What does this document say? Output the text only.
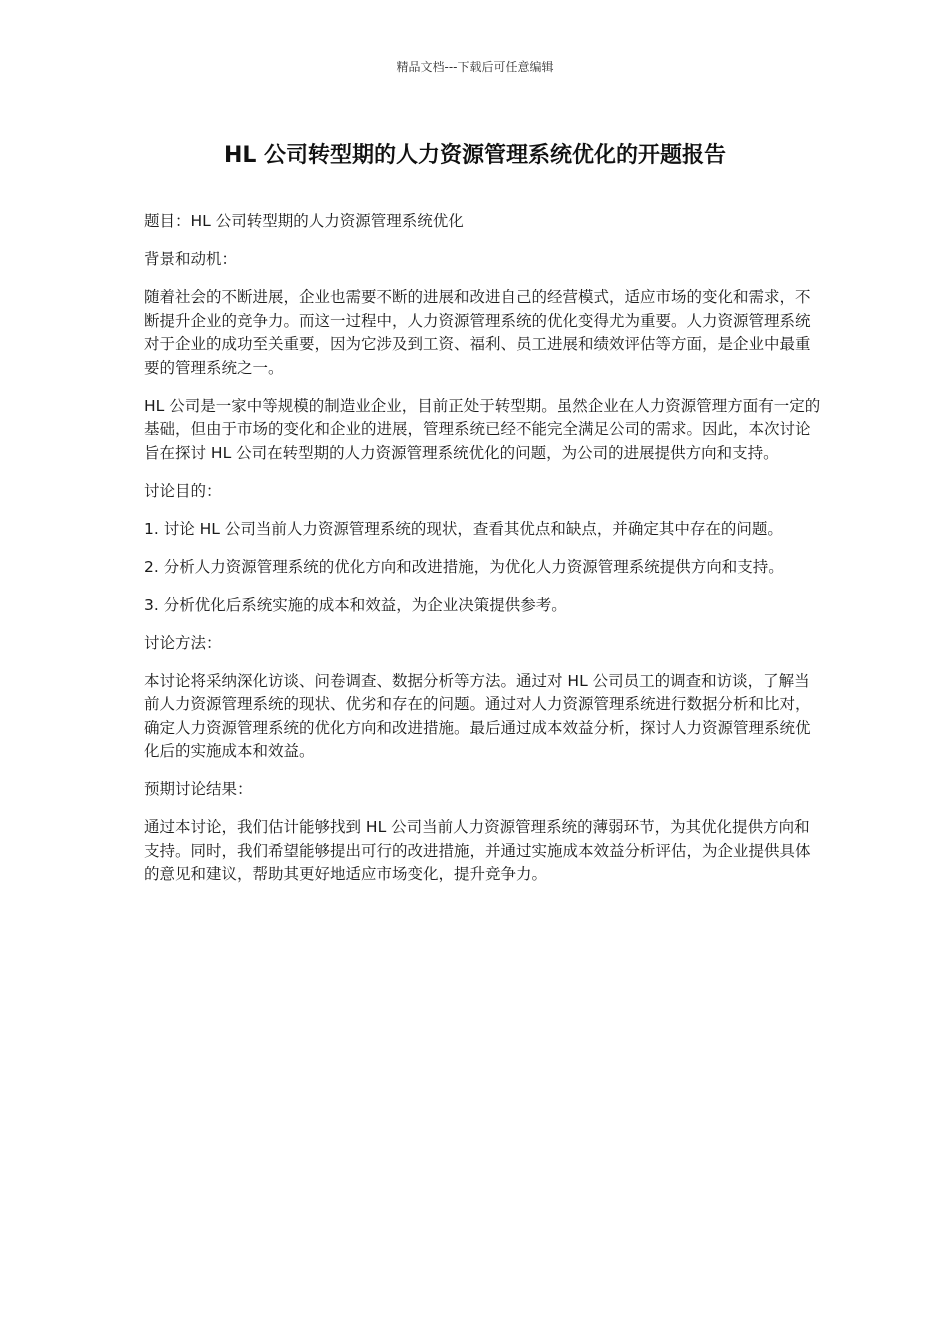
精品文档---下载后可任意编辑
HL 公司转型期的人力资源管理系统优化的开题报告

题目：HL 公司转型期的人力资源管理系统优化

背景和动机：

随着社会的不断进展，企业也需要不断的进展和改进自己的经营模式，适应市场的变化和需求，不断提升企业的竞争力。而这一过程中，人力资源管理系统的优化变得尤为重要。人力资源管理系统对于企业的成功至关重要，因为它涉及到工资、福利、员工进展和绩效评估等方面，是企业中最重要的管理系统之一。

HL 公司是一家中等规模的制造业企业，目前正处于转型期。虽然企业在人力资源管理方面有一定的基础，但由于市场的变化和企业的进展，管理系统已经不能完全满足公司的需求。因此，本次讨论旨在探讨 HL 公司在转型期的人力资源管理系统优化的问题，为公司的进展提供方向和支持。

讨论目的：

1. 讨论 HL 公司当前人力资源管理系统的现状，查看其优点和缺点，并确定其中存在的问题。

2. 分析人力资源管理系统的优化方向和改进措施，为优化人力资源管理系统提供方向和支持。

3. 分析优化后系统实施的成本和效益，为企业决策提供参考。

讨论方法：

本讨论将采纳深化访谈、问卷调查、数据分析等方法。通过对 HL 公司员工的调查和访谈，了解当前人力资源管理系统的现状、优劣和存在的问题。通过对人力资源管理系统进行数据分析和比对，确定人力资源管理系统的优化方向和改进措施。最后通过成本效益分析，探讨人力资源管理系统优化后的实施成本和效益。

预期讨论结果：

通过本讨论，我们估计能够找到 HL 公司当前人力资源管理系统的薄弱环节，为其优化提供方向和支持。同时，我们希望能够提出可行的改进措施，并通过实施成本效益分析评估，为企业提供具体的意见和建议，帮助其更好地适应市场变化，提升竞争力。
